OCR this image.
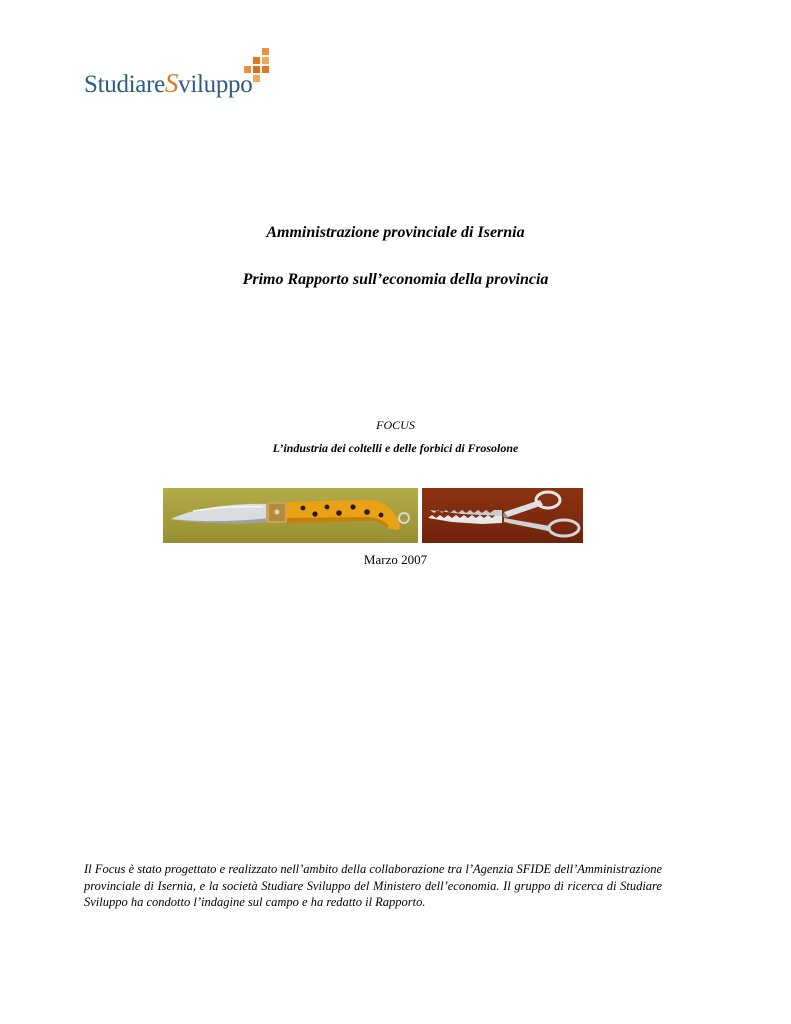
StudiareSviluppo
Amministrazione provinciale di Isernia
Primo Rapporto sull’economia della provincia
FOCUS
L’industria dei coltelli e delle forbici di Frosolone
Marzo 2007
Il Focus è stato progettato e realizzato nell’ambito della collaborazione tra l’Agenzia SFIDE dell’Amministrazione provinciale di Isernia, e la società Studiare Sviluppo del Ministero dell’economia. Il gruppo di ricerca di Studiare Sviluppo ha condotto l’indagine sul campo e ha redatto il Rapporto.
